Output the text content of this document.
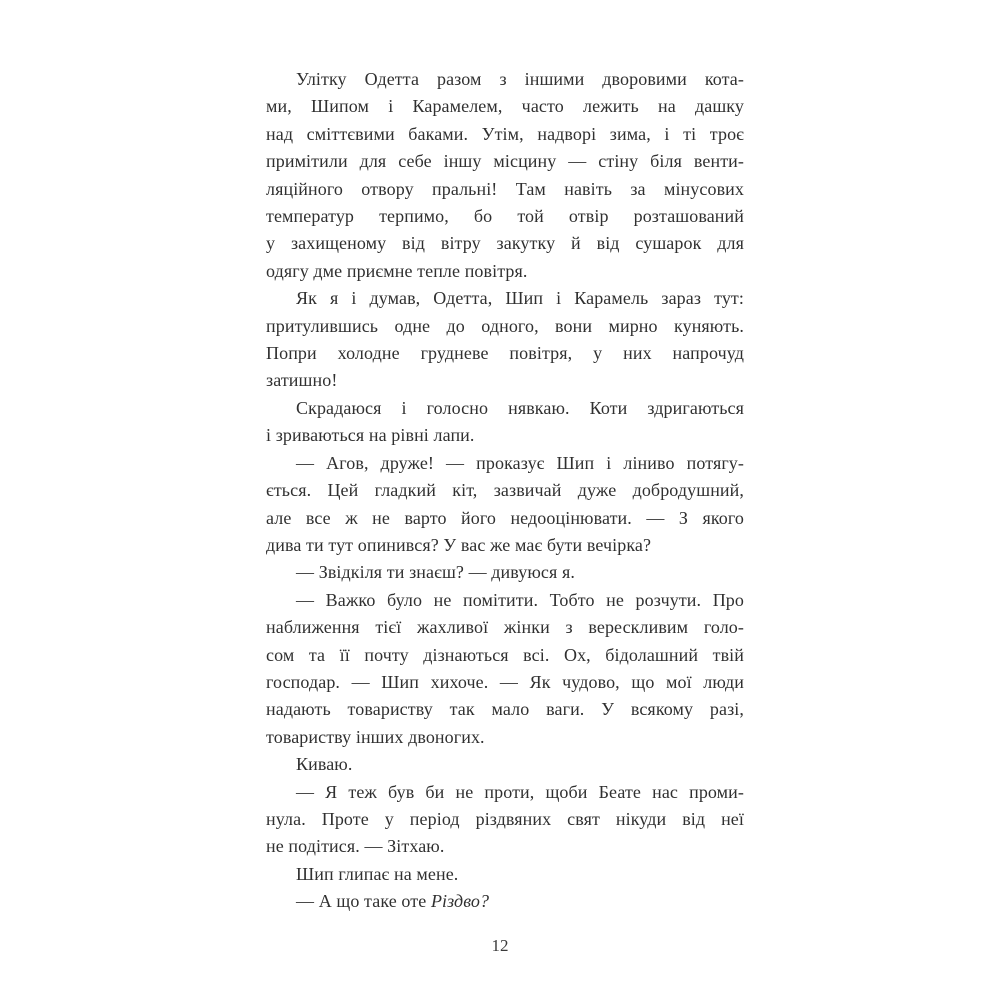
Улітку Одетта разом з іншими дворовими кота-
ми, Шипом і Карамелем, часто лежить на дашку
над сміттєвими баками. Утім, надворі зима, і ті троє
примітили для себе іншу місцину — стіну біля венти-
ляційного отвору пральні! Там навіть за мінусових
температур терпимо, бо той отвір розташований
у захищеному від вітру закутку й від сушарок для
одягу дме приємне тепле повітря.

Як я і думав, Одетта, Шип і Карамель зараз тут:
притулившись одне до одного, вони мирно куняють.
Попри холодне грудневе повітря, у них напрочуд
затишно!

Скрадаюся і голосно нявкаю. Коти здригаються
і зриваються на рівні лапи.

— Агов, друже! — проказує Шип і ліниво потягу-
ється. Цей гладкий кіт, зазвичай дуже добродушний,
але все ж не варто його недооцінювати. — З якого
дива ти тут опинився? У вас же має бути вечірка?

— Звідкіля ти знаєш? — дивуюся я.

— Важко було не помітити. Тобто не розчути. Про
наближення тієї жахливої жінки з верескливим голо-
сом та її почту дізнаються всі. Ох, бідолашний твій
господар. — Шип хихоче. — Як чудово, що мої люди
надають товариству так мало ваги. У всякому разі,
товариству інших двоногих.

Киваю.

— Я теж був би не проти, щоби Беате нас проми-
нула. Проте у період різдвяних свят нікуди від неї
не подітися. — Зітхаю.

Шип глипає на мене.

— А що таке оте Різдво?

12
